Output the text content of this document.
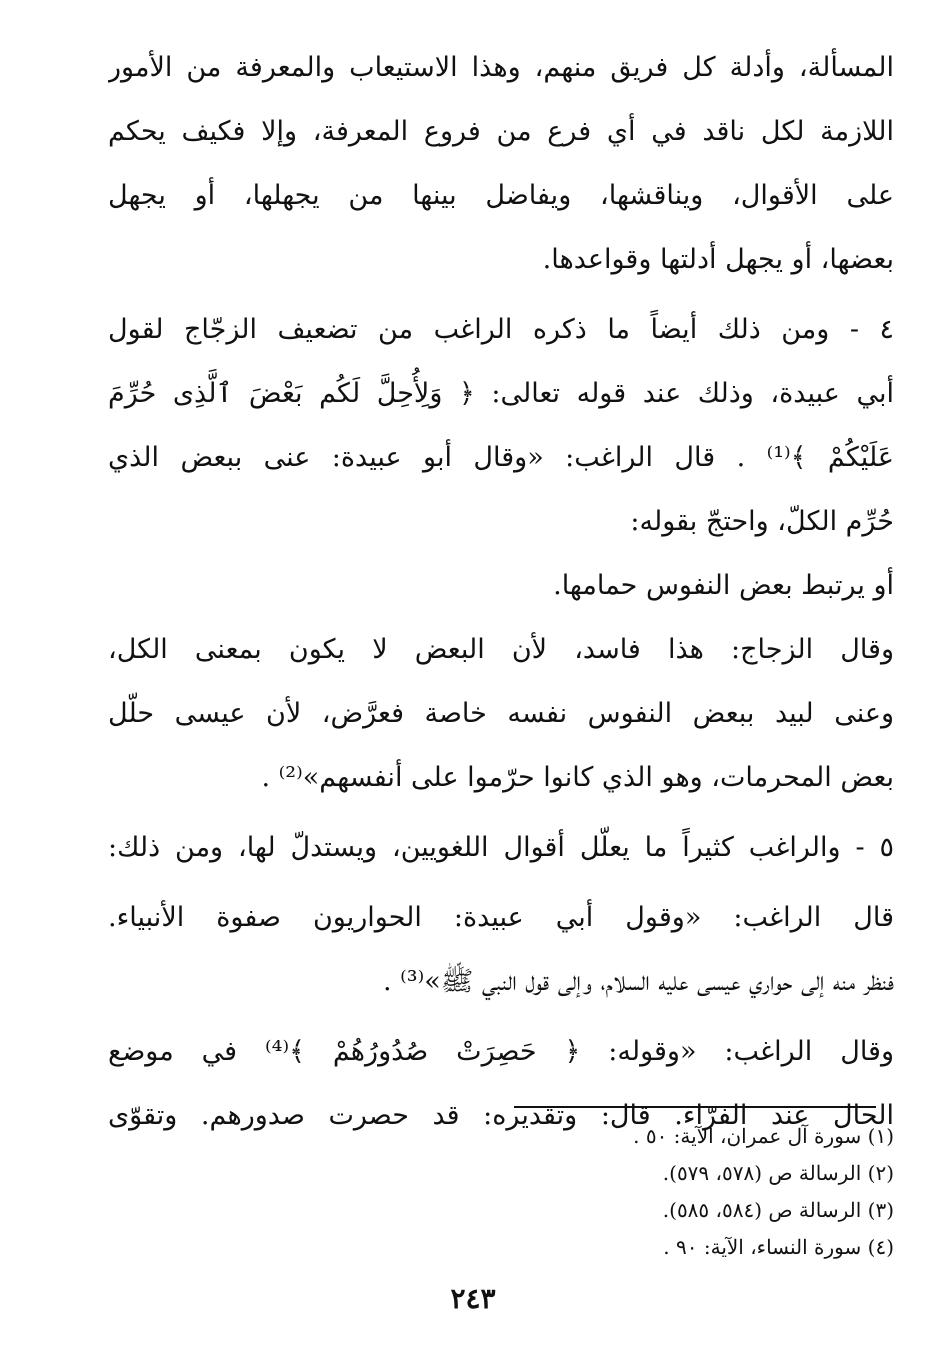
المسألة، وأدلة كل فريق منهم، وهذا الاستيعاب والمعرفة من الأمور
اللازمة لكل ناقد في أي فرع من فروع المعرفة، وإلا فكيف يحكم
على الأقوال، ويناقشها، ويفاضل بينها من يجهلها، أو يجهل
بعضها، أو يجهل أدلتها وقواعدها.
٤ - ومن ذلك أيضاً ما ذكره الراغب من تضعيف الزجّاج لقول
أبي عبيدة، وذلك عند قوله تعالى: ﴿ وَلِأُحِلَّ لَكُم بَعْضَ ٱلَّذِى حُرِّمَ
عَلَيْكُمْ ﴾⁽¹⁾ . قال الراغب: «وقال أبو عبيدة: عنى ببعض الذي
حُرِّم الكلّ، واحتجّ بقوله:
أو يرتبط بعض النفوس حمامها.
وقال الزجاج: هذا فاسد، لأن البعض لا يكون بمعنى الكل،
وعنى لبيد ببعض النفوس نفسه خاصة فعرَّض، لأن عيسى حلّل
بعض المحرمات، وهو الذي كانوا حرّموا على أنفسهم»⁽²⁾ .
٥ - والراغب كثيراً ما يعلّل أقوال اللغويين، ويستدلّ لها، ومن ذلك:
قال الراغب: «وقول أبي عبيدة: الحواريون صفوة الأنبياء.
فنظر منه إلى حواري عيسى عليه السلام، وإلى قول النبي ﷺ»⁽³⁾ .
وقال الراغب: «وقوله: ﴿ حَصِرَتْ صُدُورُهُمْ ﴾⁽⁴⁾ في موضع
الحال عند الفرّاء. قال: وتقديره: قد حصرت صدورهم. وتقوّى
(١) سورة آل عمران، الآية: ٥٠ .
(٢) الرسالة ص (٥٧٨، ٥٧٩).
(٣) الرسالة ص (٥٨٤، ٥٨٥).
(٤) سورة النساء، الآية: ٩٠ .
٢٤٣
